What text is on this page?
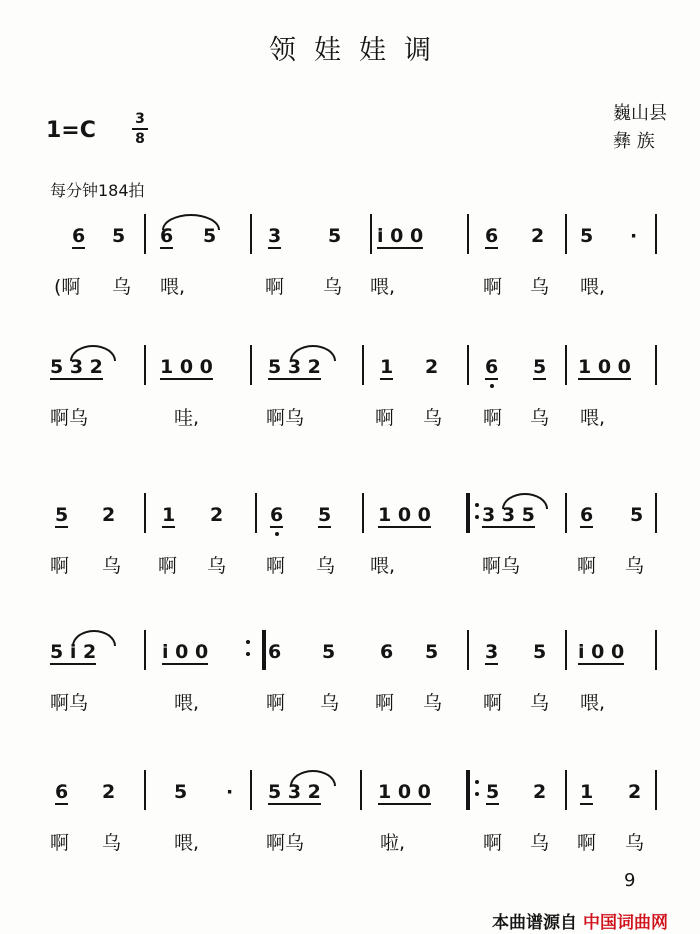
领娃娃调
1=C	3
8
巍山县
彝 族
每分钟184拍
6 5 6 5	3 5 i 0 0	6 2 5 ·
(啊 乌 喂,	啊 乌 喂,	啊 乌 喂,
5 3 2	1 0 0	5 3 2	1 2 6 5 1 0 0
啊乌	哇,	啊乌	啊 乌 啊 乌 喂,
5 2 1 2 6 5 1 0 0	3 3 5 6 5
啊 乌 啊 乌 啊 乌 喂,	啊乌	啊 乌
5 i 2	i 0 0	6 5 6 5 3 5 i 0 0
啊乌	喂,	啊 乌 啊 乌 啊 乌 喂,
6 2	5 · 5 3 2	1 0 0	5 2 1 2
啊 乌	喂,	啊乌	啦,	啊 乌 啊 乌
9
本曲谱源自 中国词曲网
